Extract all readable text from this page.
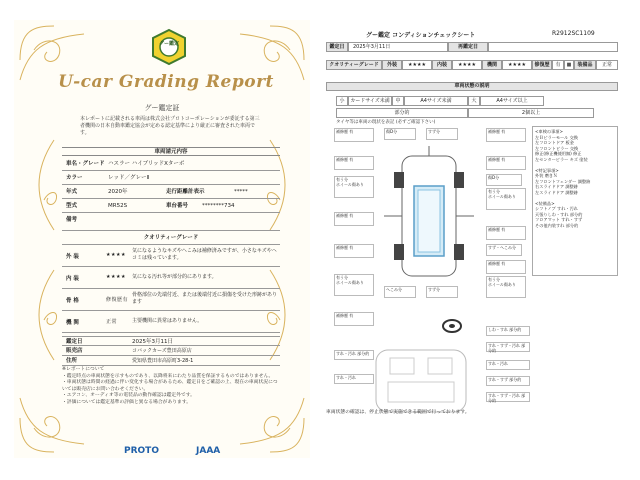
グー鑑定
U-car Grading Report
グー鑑定証
本レポートに記載される車両は株式会社プロトコーポレーションが委託する第三者機関の日本自動車鑑定協会が定める認定基準により厳正に審査された車両です。
車両請元内容
車名・グレード ハスラー ハイブリッドXターボ
カラー	レッド／グレーⅡ
年式	2020年	走行距離計表示	*****
型式	MR52S	車台番号	********734
備考
クオリティーグレード
外 装	★★★★
気になるようなキズやへこみは補修済みですが、小さなキズやヘコミは残っています。
内 装	★★★★ 気になる汚れ等が部分的にあります。
骨 格	修復歴有
骨格部位の先端付近、または後端付近に損傷を受けた形跡があります
機 関	正常	主要機関に異常はありません。
鑑定日	2025年3月11日
販売店	コバックカーズ豊田高原店
住所	愛知県豊田市高原町3-28-1
※レポートについて
・鑑定時点の車両状態を示すものであり、以降将来にわたり品質を保証するものではありません。
・車両状態は時間の経過に伴い変化する場合があるため、鑑定日をご確認の上、現在の車両状況については販売店にお問い合わせください。
・エアコン、オーディオ等の電装品の動作確認は鑑定外です。
・評価については鑑定基準の評価と異なる場合があります。
PROTO	JAAA
グー鑑定 コンディションチェックシート	R2912SC1109
鑑定日	2025年3月11日	再鑑定日
クオリティーグレード	外装	★★★★	内装	★★★★	機関	★★★★	修復歴	有	■	装備品	正常
車両状態の説明
小	カードサイズ未満	中	A4サイズ未満	大	A4サイズ以上
部分的	2個以上
タイヤ等は車両の現状を表記 (必ずご確認下さい)
補修歴 有
補修歴 有
有う分
ホイール傷あり
補修歴 有
補修歴 有
有う分
ホイール傷あり
補修歴 有
傷D分	すず分
傷D分
すず・へこみ分
すず分
へこみ分
補修歴 有
補修歴 有
有う分
ホイール傷あり
補修歴 有
補修歴 有
有う分
ホイール傷あり
<車検の事項>
左Ｂピラーモール 交換
左フロントドア 板金
左フロントピラー 交換
修正(修正機使用無) 修正
左センターピラー キズ 塗装

<特記事項>
外装 磨きＮ
左フロントフェンダー 調整跡
右スライドドア 調整跡
左スライドドア 調整跡

<装備品>
シフトノブ すれ・汚れ
天張りしわ・すれ 部分的
フロアマット すれ・すず
その他内装すれ 部分的
すれ・汚れ 部分的
すれ・汚れ
しわ・すれ 部分的
すれ・すず・汚れ 部分的
すれ・汚れ
すれ・すず 部分的
すれ・すず・汚れ 部分的
車両状態の確認は、停止状態で実施できる範囲で行っております。
